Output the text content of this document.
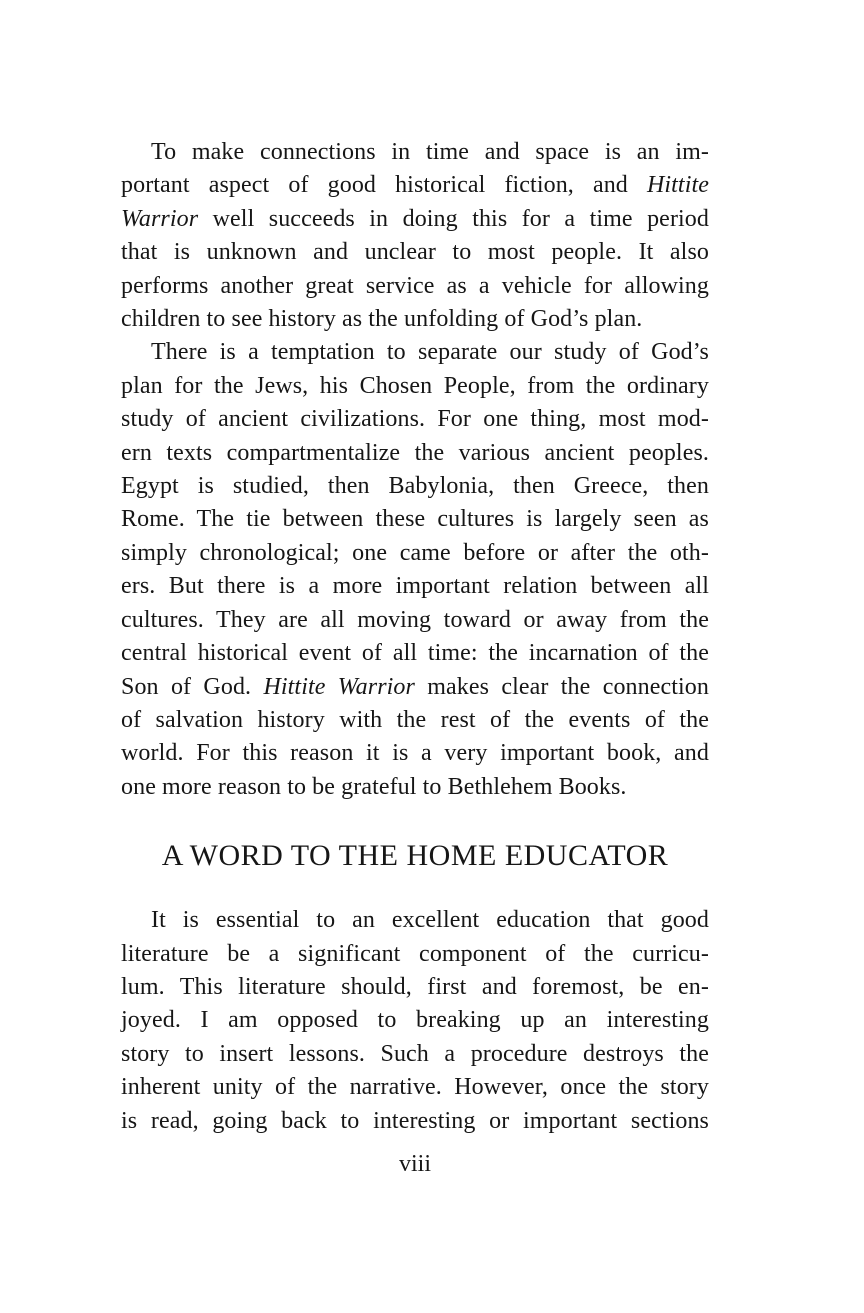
To make connections in time and space is an im-
portant aspect of good historical fiction, and Hittite
Warrior well succeeds in doing this for a time period
that is unknown and unclear to most people. It also
performs another great service as a vehicle for allowing
children to see history as the unfolding of God’s plan.
There is a temptation to separate our study of God’s
plan for the Jews, his Chosen People, from the ordinary
study of ancient civilizations. For one thing, most mod-
ern texts compartmentalize the various ancient peoples.
Egypt is studied, then Babylonia, then Greece, then
Rome. The tie between these cultures is largely seen as
simply chronological; one came before or after the oth-
ers. But there is a more important relation between all
cultures. They are all moving toward or away from the
central historical event of all time: the incarnation of the
Son of God. Hittite Warrior makes clear the connection
of salvation history with the rest of the events of the
world. For this reason it is a very important book, and
one more reason to be grateful to Bethlehem Books.
A WORD TO THE HOME EDUCATOR
It is essential to an excellent education that good
literature be a significant component of the curricu-
lum. This literature should, first and foremost, be en-
joyed. I am opposed to breaking up an interesting
story to insert lessons. Such a procedure destroys the
inherent unity of the narrative. However, once the story
is read, going back to interesting or important sections
viii
